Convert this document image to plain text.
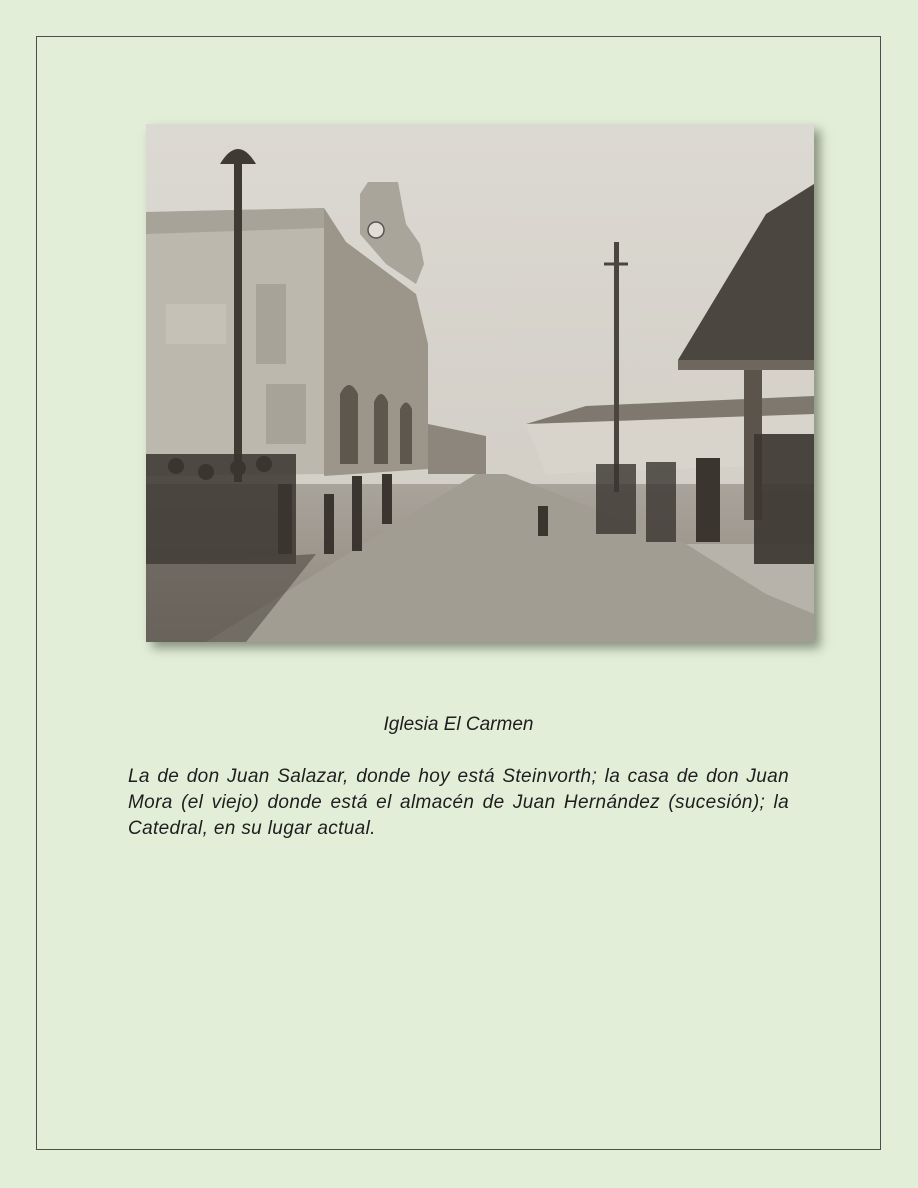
Iglesia El Carmen

La de don Juan Salazar, donde hoy está Steinvorth; la casa de don Juan Mora (el viejo) donde está el almacén de Juan Hernández (sucesión); la Catedral, en su lugar actual.
